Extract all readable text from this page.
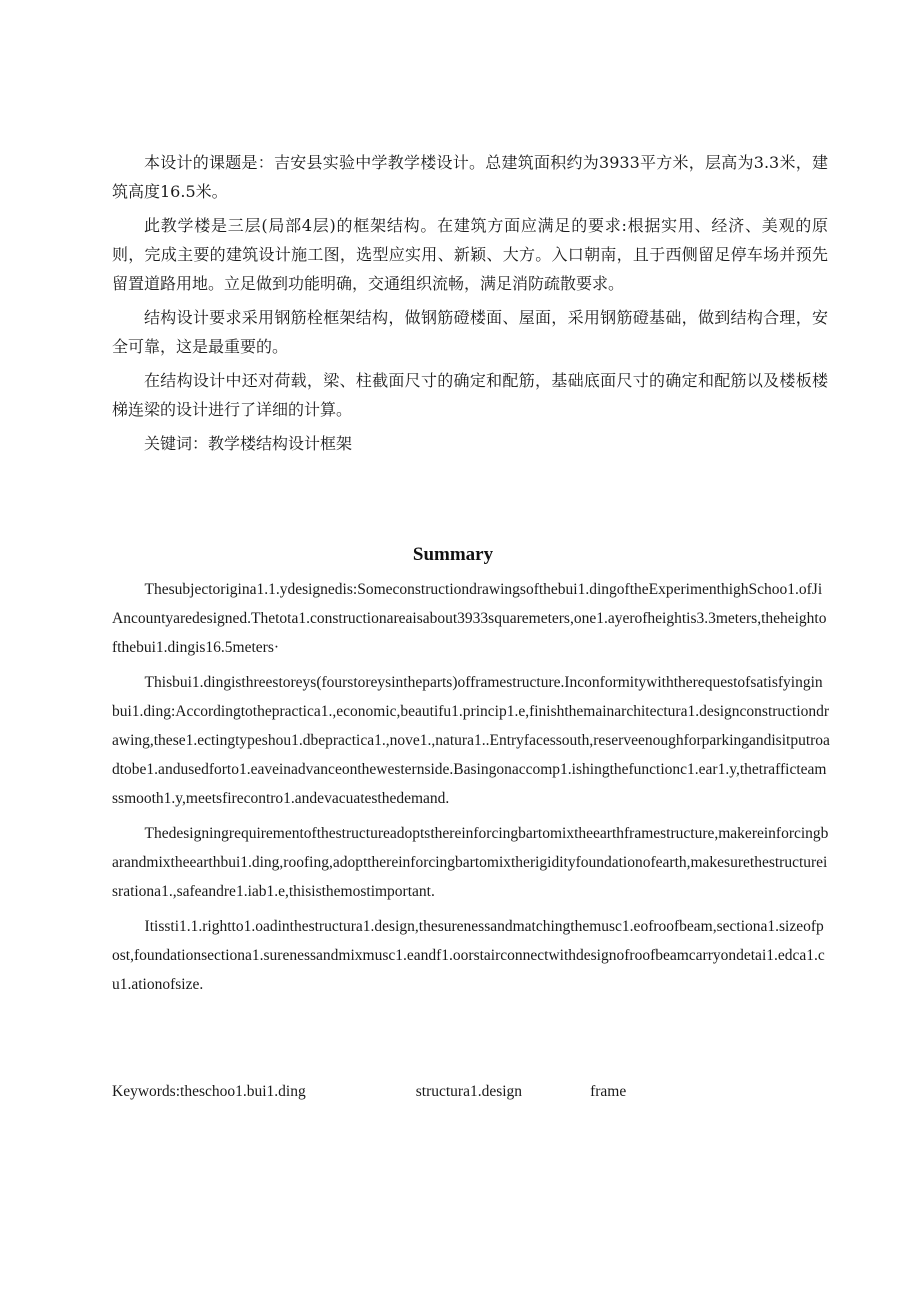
本设计的课题是：吉安县实验中学教学楼设计。总建筑面积约为3933平方米，层高为3.3米，建筑高度16.5米。

此教学楼是三层(局部4层)的框架结构。在建筑方面应满足的要求:根据实用、经济、美观的原则，完成主要的建筑设计施工图，选型应实用、新颖、大方。入口朝南，且于西侧留足停车场并预先留置道路用地。立足做到功能明确，交通组织流畅，满足消防疏散要求。

结构设计要求采用钢筋栓框架结构，做钢筋磴楼面、屋面，采用钢筋磴基础，做到结构合理，安全可靠，这是最重要的。

在结构设计中还对荷载，梁、柱截面尺寸的确定和配筋，基础底面尺寸的确定和配筋以及楼板楼梯连梁的设计进行了详细的计算。

关键词：教学楼结构设计框架

Summary

Thesubjectorigina1.1.ydesignedis:Someconstructiondrawingsofthebui1.dingoftheExperimenthighSchoo1.ofJiAncountyaredesigned.Thetota1.constructionareaisabout3933squaremeters,one1.ayerofheightis3.3meters,theheightofthebui1.dingis16.5meters·

Thisbui1.dingisthreestoreys(fourstoreysintheparts)offramestructure.Inconformitywiththerequestofsatisfyinginbui1.ding:Accordingtothepractica1.,economic,beautifu1.princip1.e,finishthemainarchitectura1.designconstructiondrawing,these1.ectingtypeshou1.dbepractica1.,nove1.,natura1..Entryfacessouth,reserveenoughforparkingandisitputroadtobe1.andusedforto1.eaveinadvanceonthewesternside.Basingonaccomp1.ishingthefunctionc1.ear1.y,thetrafficteamssmooth1.y,meetsfirecontro1.andevacuatesthedemand.

Thedesigningrequirementofthestructureadoptsthereinforcingbartomixtheearthframestructure,makereinforcingbarandmixtheearthbui1.ding,roofing,adoptthereinforcingbartomixtherigidityfoundationofearth,makesurethestructureisrationa1.,safeandre1.iab1.e,thisisthemostimportant.

Itissti1.1.rightto1.oadinthestructura1.design,thesurenessandmatchingthemusc1.eofroofbeam,sectiona1.sizeofpost,foundationsectiona1.surenessandmixmusc1.eandf1.oorstairconnectwithdesignofroofbeamcarryondetai1.edca1.cu1.ationofsize.

Keywords:theschoo1.bui1.ding	structura1.design	frame
